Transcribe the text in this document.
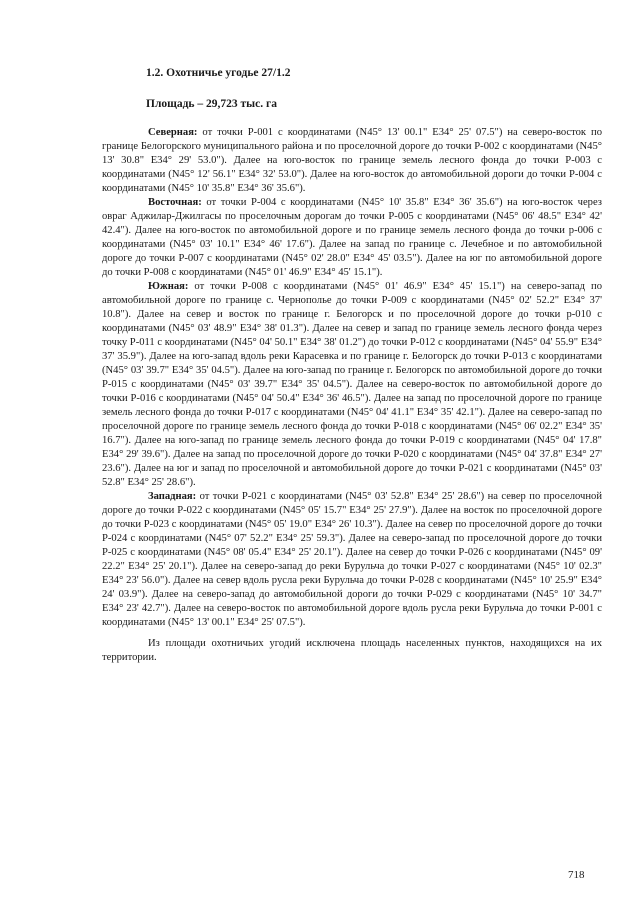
1.2. Охотничье угодье 27/1.2
Площадь – 29,723 тыс. га

Северная: от точки Р-001 с координатами (N45° 13' 00.1" E34° 25' 07.5") на северо-восток по границе Белогорского муниципального района и по проселочной дороге до точки Р-002 с координатами (N45° 13' 30.8" E34° 29' 53.0"). Далее на юго-восток по границе земель лесного фонда до точки Р-003 с координатами (N45° 12' 56.1" E34° 32' 53.0"). Далее на юго-восток до автомобильной дороги до точки Р-004 с координатами (N45° 10' 35.8" E34° 36' 35.6").

Восточная: от точки Р-004 с координатами (N45° 10' 35.8" E34° 36' 35.6") на юго-восток через овраг Аджилар-Джилгасы по проселочным дорогам до точки Р-005 с координатами (N45° 06' 48.5" E34° 42' 42.4"). Далее на юго-восток по автомобильной дороге и по границе земель лесного фонда до точки р-006 с координатами (N45° 03' 10.1" E34° 46' 17.6"). Далее на запад по границе с. Лечебное и по автомобильной дороге до точки Р-007 с координатами (N45° 02' 28.0" E34° 45' 03.5"). Далее на юг по автомобильной дороге до точки Р-008 с координатами (N45° 01' 46.9" E34° 45' 15.1").

Южная: от точки Р-008 с координатами (N45° 01' 46.9" E34° 45' 15.1") на северо-запад по автомобильной дороге по границе с. Чернополье до точки Р-009 с координатами (N45° 02' 52.2" E34° 37' 10.8"). Далее на север и восток по границе г. Белогорск и по проселочной дороге до точки р-010 с координатами (N45° 03' 48.9" E34° 38' 01.3"). Далее на север и запад по границе земель лесного фонда через точку Р-011 с координатами (N45° 04' 50.1" E34° 38' 01.2") до точки Р-012 с координатами (N45° 04' 55.9" E34° 37' 35.9"). Далее на юго-запад вдоль реки Карасевка и по границе г. Белогорск до точки Р-013 с координатами (N45° 03' 39.7" E34° 35' 04.5"). Далее на юго-запад по границе г. Белогорск по автомобильной дороге до точки Р-015 с координатами (N45° 03' 39.7" E34° 35' 04.5"). Далее на северо-восток по автомобильной дороге до точки Р-016 с координатами (N45° 04' 50.4" E34° 36' 46.5"). Далее на запад по проселочной дороге по границе земель лесного фонда до точки Р-017 с координатами (N45° 04' 41.1" E34° 35' 42.1"). Далее на северо-запад по проселочной дороге по границе земель лесного фонда до точки Р-018 с координатами (N45° 06' 02.2" E34° 35' 16.7"). Далее на юго-запад по границе земель лесного фонда до точки Р-019 с координатами (N45° 04' 17.8" E34° 29' 39.6"). Далее на запад по проселочной дороге до точки Р-020 с координатами (N45° 04' 37.8" E34° 27' 23.6"). Далее на юг и запад по проселочной и автомобильной дороге до точки Р-021 с координатами (N45° 03' 52.8" E34° 25' 28.6").

Западная: от точки Р-021 с координатами (N45° 03' 52.8" E34° 25' 28.6") на север по проселочной дороге до точки Р-022 с координатами (N45° 05' 15.7" E34° 25' 27.9"). Далее на восток по проселочной дороге до точки Р-023 с координатами (N45° 05' 19.0" E34° 26' 10.3"). Далее на север по проселочной дороге до точки Р-024 с координатами (N45° 07' 52.2" E34° 25' 59.3"). Далее на северо-запад по проселочной дороге до точки Р-025 с координатами (N45° 08' 05.4" E34° 25' 20.1"). Далее на север до точки Р-026 с координатами (N45° 09' 22.2" E34° 25' 20.1"). Далее на северо-запад до реки Бурульча до точки Р-027 с координатами (N45° 10' 02.3" E34° 23' 56.0"). Далее на север вдоль русла реки Бурульча до точки Р-028 с координатами (N45° 10' 25.9" E34° 24' 03.9"). Далее на северо-запад до автомобильной дороги до точки Р-029 с координатами (N45° 10' 34.7" E34° 23' 42.7"). Далее на северо-восток по автомобильной дороге вдоль русла реки Бурульча до точки Р-001 с координатами (N45° 13' 00.1" E34° 25' 07.5").

Из площади охотничьих угодий исключена площадь населенных пунктов, находящихся на их территории.

718
